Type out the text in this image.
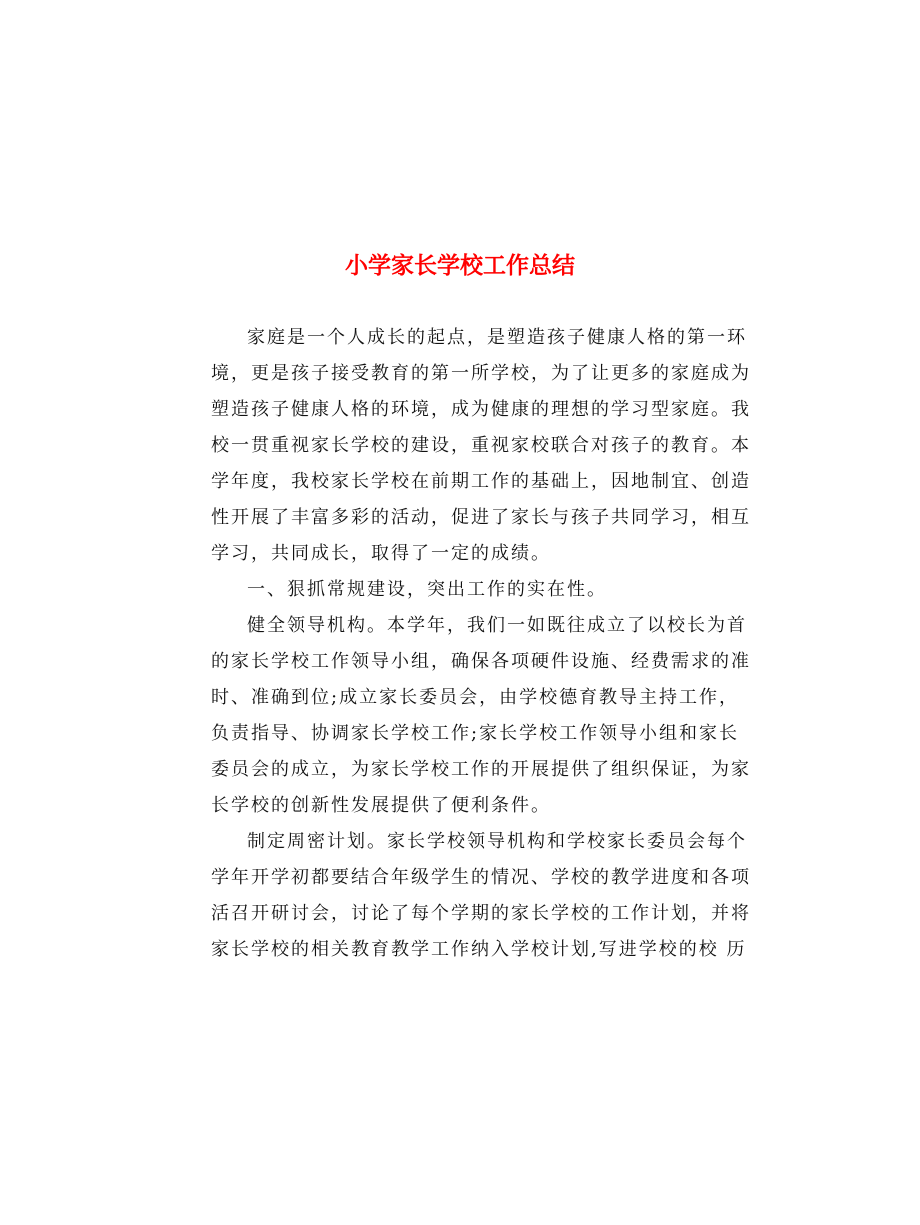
小学家长学校工作总结
家庭是一个人成长的起点，是塑造孩子健康人格的第一环
境，更是孩子接受教育的第一所学校，为了让更多的家庭成为
塑造孩子健康人格的环境，成为健康的理想的学习型家庭。我
校一贯重视家长学校的建设，重视家校联合对孩子的教育。本
学年度，我校家长学校在前期工作的基础上，因地制宜、创造
性开展了丰富多彩的活动，促进了家长与孩子共同学习，相互
学习，共同成长，取得了一定的成绩。
一、狠抓常规建设，突出工作的实在性。
健全领导机构。本学年，我们一如既往成立了以校长为首
的家长学校工作领导小组，确保各项硬件设施、经费需求的准
时、准确到位;成立家长委员会，由学校德育教导主持工作，
负责指导、协调家长学校工作;家长学校工作领导小组和家长
委员会的成立，为家长学校工作的开展提供了组织保证，为家
长学校的创新性发展提供了便利条件。
制定周密计划。家长学校领导机构和学校家长委员会每个
学年开学初都要结合年级学生的情况、学校的教学进度和各项
活召开研讨会，讨论了每个学期的家长学校的工作计划，并将
家长学校的相关教育教学工作纳入学校计划,写进学校的校 历
